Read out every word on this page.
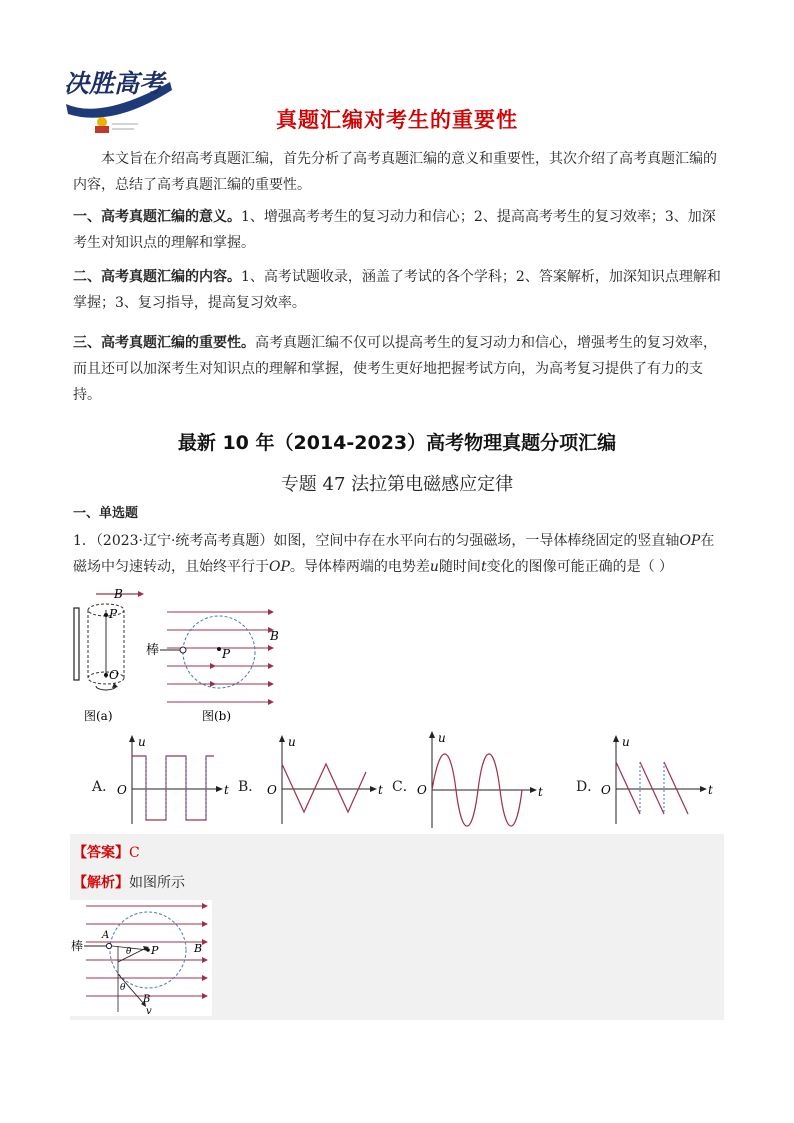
决胜高考
真题汇编对考生的重要性
本文旨在介绍高考真题汇编，首先分析了高考真题汇编的意义和重要性，其次介绍了高考真题汇编的内容，总结了高考真题汇编的重要性。
一、高考真题汇编的意义。1、增强高考考生的复习动力和信心；2、提高高考考生的复习效率；3、加深考生对知识点的理解和掌握。
二、高考真题汇编的内容。1、高考试题收录，涵盖了考试的各个学科；2、答案解析，加深知识点理解和掌握；3、复习指导，提高复习效率。
三、高考真题汇编的重要性。高考真题汇编不仅可以提高考生的复习动力和信心，增强考生的复习效率，而且还可以加深考生对知识点的理解和掌握，使考生更好地把握考试方向，为高考复习提供了有力的支持。
最新 10 年（2014-2023）高考物理真题分项汇编
专题 47 法拉第电磁感应定律
一、单选题
1．（2023·辽宁·统考高考真题）如图，空间中存在水平向右的匀强磁场，一导体棒绕固定的竖直轴OP在磁场中匀速转动，且始终平行于OP。导体棒两端的电势差u随时间t变化的图像可能正确的是（ ）
B
P
O
图(a)
B
棒	P
图(b)
A．
u
t
O	B．
u
t
O	C．
u
t
O	D．
u
t
O
【答案】C
【解析】如图所示
棒
A
θ
θ
P	B
B
v
